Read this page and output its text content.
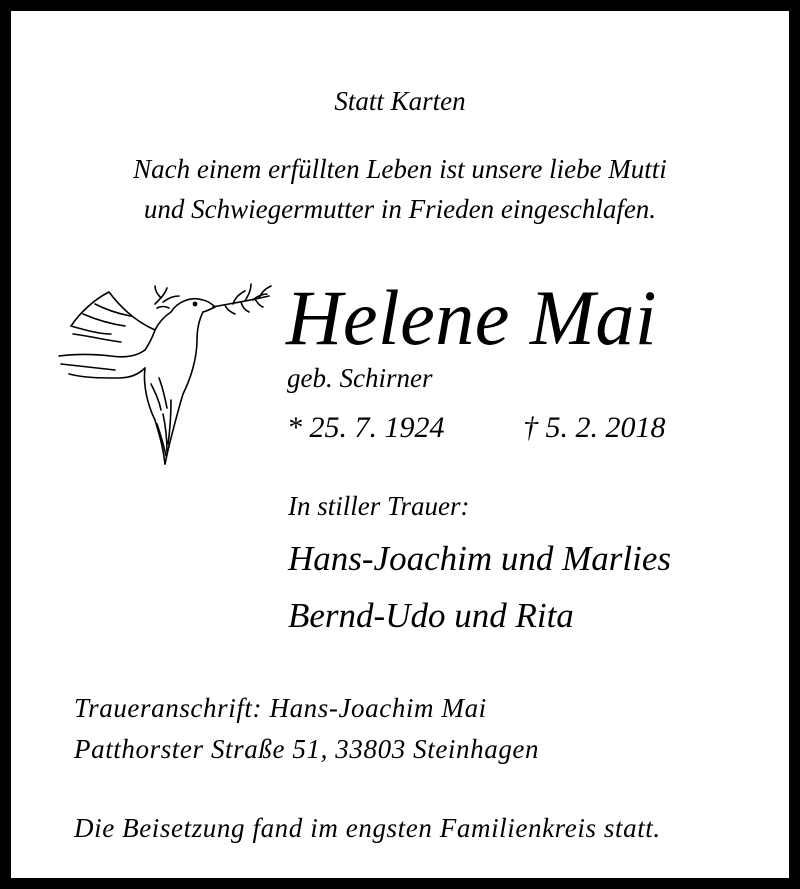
Statt Karten
Nach einem erfüllten Leben ist unsere liebe Mutti
und Schwiegermutter in Frieden eingeschlafen.
Helene Mai
geb. Schirner
* 25. 7. 1924	† 5. 2. 2018
In stiller Trauer:
Hans-Joachim und Marlies
Bernd-Udo und Rita
Traueranschrift: Hans-Joachim Mai
Patthorster Straße 51, 33803 Steinhagen
Die Beisetzung fand im engsten Familienkreis statt.
